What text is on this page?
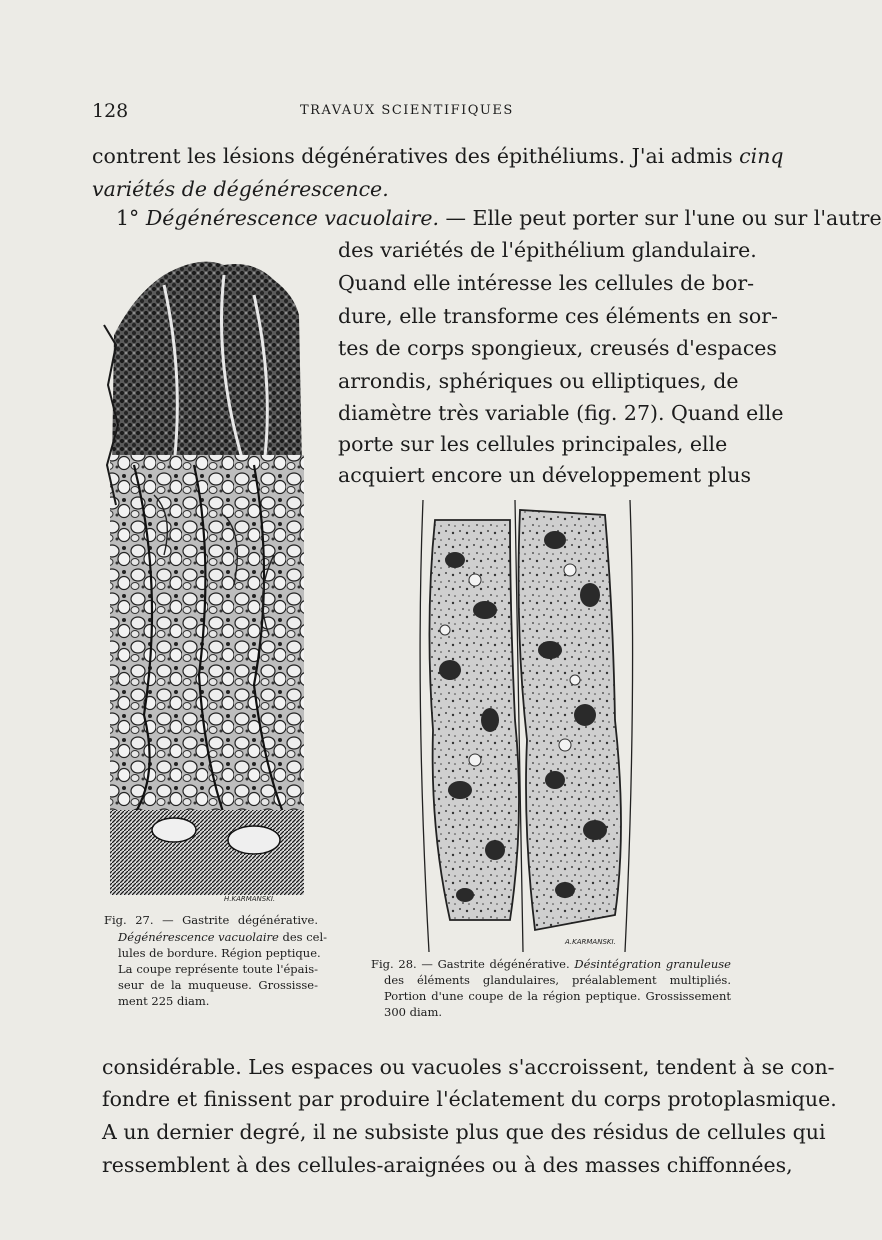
128	TRAVAUX SCIENTIFIQUES
contrent les lésions dégénératives des épithéliums. J'ai admis cinq
variétés de dégénérescence.
1° Dégénérescence vacuolaire. — Elle peut porter sur l'une ou sur l'autre
des variétés de l'épithélium glandulaire.
Quand elle intéresse les cellules de bor-
dure, elle transforme ces éléments en sor-
tes de corps spongieux, creusés d'espaces
arrondis, sphériques ou elliptiques, de
diamètre très variable (fig. 27). Quand elle
porte sur les cellules principales, elle
acquiert encore un développement plus
H.KARMANSKI.
Fig. 27. — Gastrite dégénérative.
Dégénérescence vacuolaire des cel-
lules de bordure. Région peptique.
La coupe représente toute l'épais-
seur de la muqueuse. Grossisse-
ment 225 diam.
A.KARMANSKI.
Fig. 28. — Gastrite dégénérative. Désintégration granuleuse
des éléments glandulaires, préalablement multipliés.
Portion d'une coupe de la région peptique. Grossissement
300 diam.
considérable. Les espaces ou vacuoles s'accroissent, tendent à se con-
fondre et finissent par produire l'éclatement du corps protoplasmique.
A un dernier degré, il ne subsiste plus que des résidus de cellules qui
ressemblent à des cellules-araignées ou à des masses chiffonnées,
